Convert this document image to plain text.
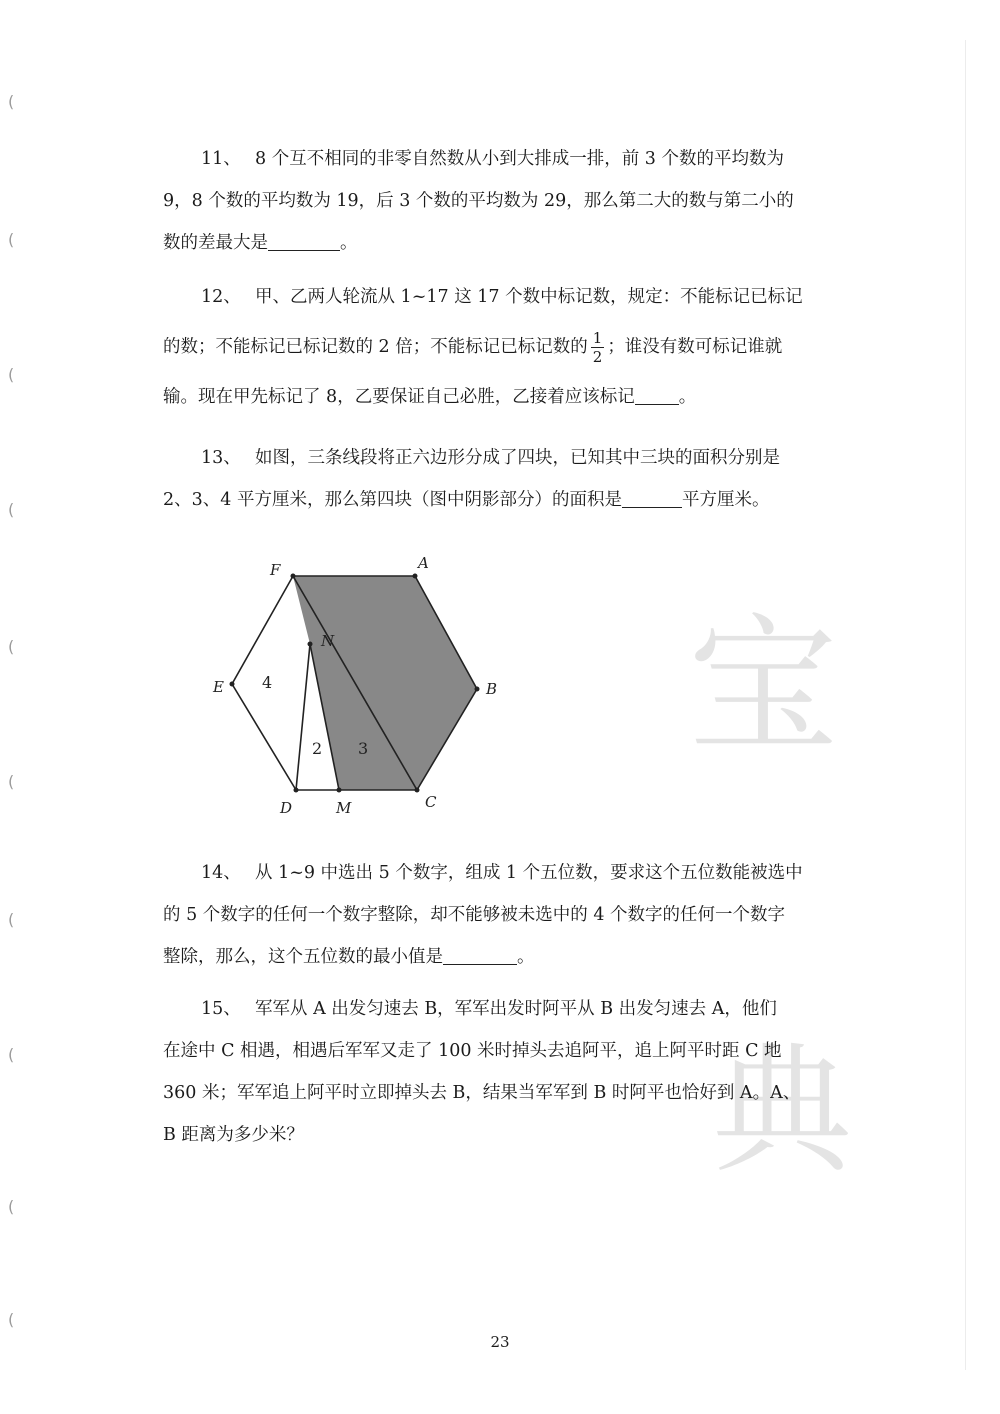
(
(
(
(
(
(
(
(
(
(
宝
典

11、 8 个互不相同的非零自然数从小到大排成一排，前 3 个数的平均数为

9，8 个数的平均数为 19，后 3 个数的平均数为 29，那么第二大的数与第二小的

数的差最大是	。

12、 甲、乙两人轮流从 1~17 这 17 个数中标记数，规定：不能标记已标记

的数；不能标记已标记数的 2 倍；不能标记已标记数的 $\frac{1}{2}$ ；谁没有数可标记谁就

输。现在甲先标记了 8，乙要保证自己必胜，乙接着应该标记	。

13、 如图，三条线段将正六边形分成了四块，已知其中三块的面积分别是

2、3、4 平方厘米，那么第四块（图中阴影部分）的面积是	平方厘米。

F	A
B
C
D
E
N
M
4
2 3

14、 从 1~9 中选出 5 个数字，组成 1 个五位数，要求这个五位数能被选中

的 5 个数字的任何一个数字整除，却不能够被未选中的 4 个数字的任何一个数字

整除，那么，这个五位数的最小值是	。

15、 军军从 A 出发匀速去 B，军军出发时阿平从 B 出发匀速去 A，他们

在途中 C 相遇，相遇后军军又走了 100 米时掉头去追阿平，追上阿平时距 C 地

360 米；军军追上阿平时立即掉头去 B，结果当军军到 B 时阿平也恰好到 A。A、

B 距离为多少米？

23
